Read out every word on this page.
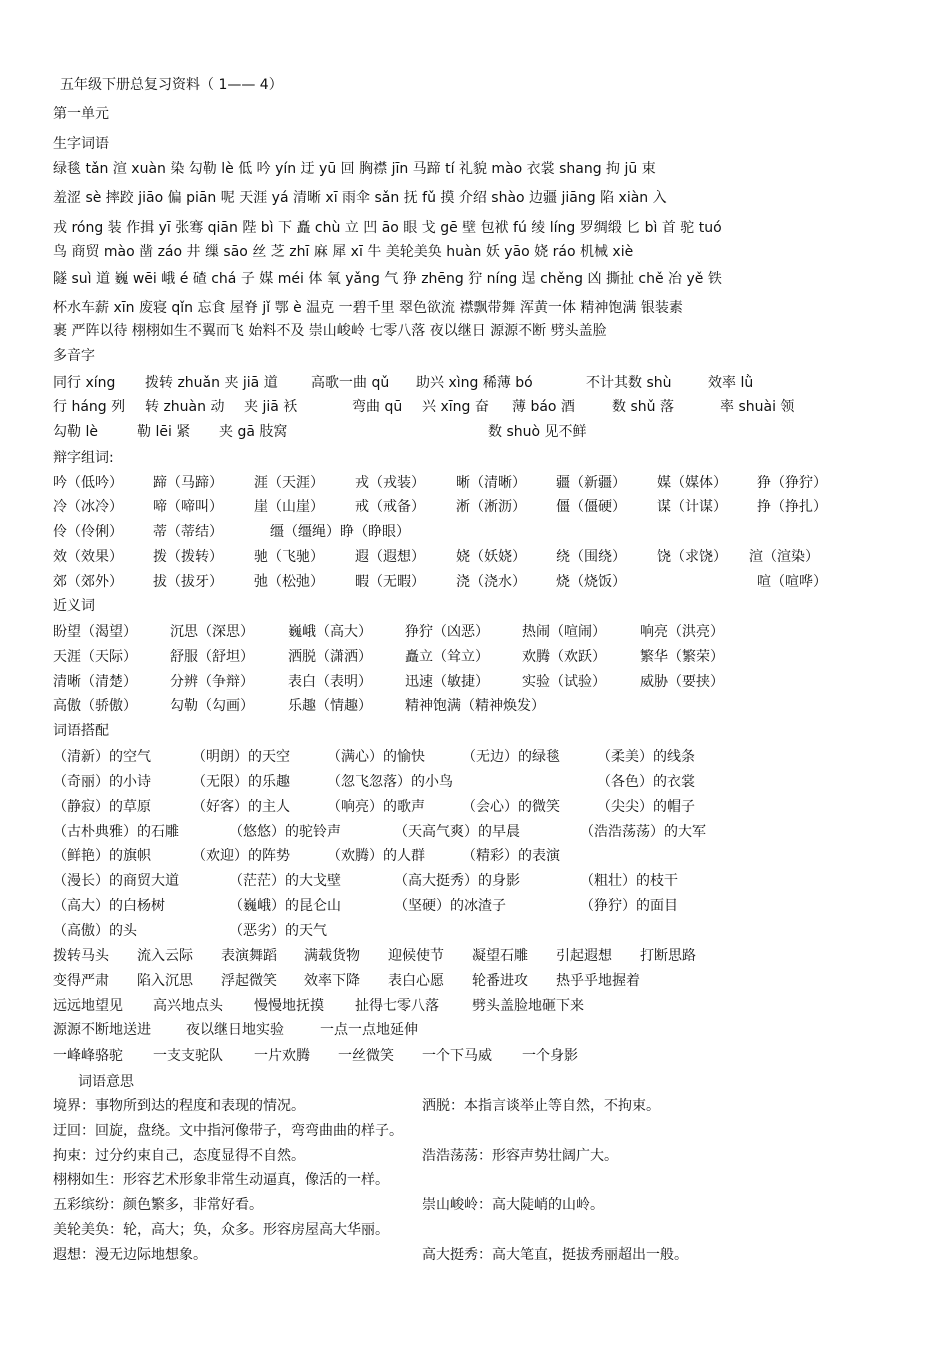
五年级下册总复习资料（ 1—— 4）
第一单元
生字词语
绿毯 tǎn 渲 xuàn 染 勾勒 lè 低 吟 yín 迂 yū 回 胸襟 jīn 马蹄 tí 礼貌 mào 衣裳 shang 拘 jū 束
羞涩 sè 摔跤 jiāo 偏 piān 呢 天涯 yá 清晰 xī 雨伞 sǎn 抚 fǔ 摸 介绍 shào 边疆 jiāng 陷 xiàn 入
戎 róng 装 作揖 yī 张骞 qiān 陛 bì 下 矗 chù 立 凹 āo 眼 戈 gē 壁 包袱 fú 绫 líng 罗绸缎 匕 bì 首 驼 tuó
鸟 商贸 mào 凿 záo 井 缫 sāo 丝 芝 zhī 麻 犀 xī 牛 美轮美奂 huàn 妖 yāo 娆 ráo 机械 xiè
隧 suì 道 巍 wēi 峨 é 碴 chá 子 媒 méi 体 氧 yǎng 气 狰 zhēng 狞 níng 逞 chěng 凶 撕扯 chě 冶 yě 铁
杯水车薪 xīn 废寝 qǐn 忘食 屋脊 jǐ 鄂 è 温克 一碧千里 翠色欲流 襟飘带舞 浑黄一体 精神饱满 银装素
裹 严阵以待 栩栩如生不翼而飞 始料不及 崇山峻岭 七零八落 夜以继日 源源不断 劈头盖脸
多音字
同行 xíng 拨转 zhuǎn 夹 jiā 道 高歌一曲 qǔ 助兴 xìng 稀薄 bó	不计其数 shù	效率 lǜ
行 háng 列 转 zhuàn 动 夹 jiā 袄	弯曲 qū 兴 xīng 奋 薄 báo 酒	数 shǔ 落	率 shuài 领
勾勒 lè	勒 lēi 紧 夹 gā 肢窝	数 shuò 见不鲜
辩字组词:
吟（低吟） 蹄（马蹄） 涯（天涯） 戎（戎装） 晰（清晰） 疆（新疆） 媒（媒体） 狰（狰狞）
冷（冰冷） 啼（啼叫） 崖（山崖） 戒（戒备） 淅（淅沥） 僵（僵硬） 谋（计谋） 挣（挣扎）
伶（伶俐） 蒂（蒂结）	缰（缰绳）睁（睁眼）
效（效果） 拨（拨转） 驰（飞驰） 遐（遐想） 娆（妖娆） 绕（围绕） 饶（求饶） 渲（渲染）
郊（郊外） 拔（拔牙） 弛（松弛） 暇（无暇） 浇（浇水） 烧（烧饭）	喧（喧哗）
近义词
盼望（渴望） 沉思（深思） 巍峨（高大） 狰狞（凶恶） 热闹（喧闹） 响亮（洪亮）
天涯（天际） 舒服（舒坦） 洒脱（潇洒） 矗立（耸立） 欢腾（欢跃） 繁华（繁荣）
清晰（清楚） 分辨（争辩） 表白（表明） 迅速（敏捷） 实验（试验） 威胁（要挟）
高傲（骄傲） 勾勒（勾画） 乐趣（情趣） 精神饱满（精神焕发）
词语搭配
（清新）的空气	（明朗）的天空	（满心）的愉快	（无边）的绿毯	（柔美）的线条
（奇丽）的小诗	（无限）的乐趣	（忽飞忽落）的小鸟	（各色）的衣裳
（静寂）的草原	（好客）的主人	（响亮）的歌声	（会心）的微笑	（尖尖）的帽子
（古朴典雅）的石雕	（悠悠）的驼铃声	（天高气爽）的早晨	（浩浩荡荡）的大军
（鲜艳）的旗帜	（欢迎）的阵势	（欢腾）的人群	（精彩）的表演
（漫长）的商贸大道	（茫茫）的大戈壁	（高大挺秀）的身影	（粗壮）的枝干
（高大）的白杨树	（巍峨）的昆仑山	（坚硬）的冰渣子	（狰狞）的面目
（高傲）的头	（恶劣）的天气
拨转马头 流入云际 表演舞蹈 满载货物 迎候使节 凝望石雕 引起遐想 打断思路
变得严肃 陷入沉思 浮起微笑 效率下降 表白心愿 轮番进攻 热乎乎地握着
远远地望见 高兴地点头 慢慢地抚摸 扯得七零八落 劈头盖脸地砸下来
源源不断地送进	夜以继日地实验	一点一点地延伸
一峰峰骆驼 一支支驼队 一片欢腾 一丝微笑 一个下马威 一个身影
词语意思
境界：事物所到达的程度和表现的情况。	洒脱：本指言谈举止等自然，不拘束。
迂回：回旋，盘绕。文中指河像带子，弯弯曲曲的样子。
拘束：过分约束自己，态度显得不自然。	浩浩荡荡：形容声势壮阔广大。
栩栩如生：形容艺术形象非常生动逼真，像活的一样。
五彩缤纷：颜色繁多，非常好看。	崇山峻岭：高大陡峭的山岭。
美轮美奂：轮，高大；奂，众多。形容房屋高大华丽。
遐想：漫无边际地想象。	高大挺秀：高大笔直，挺拔秀丽超出一般。
